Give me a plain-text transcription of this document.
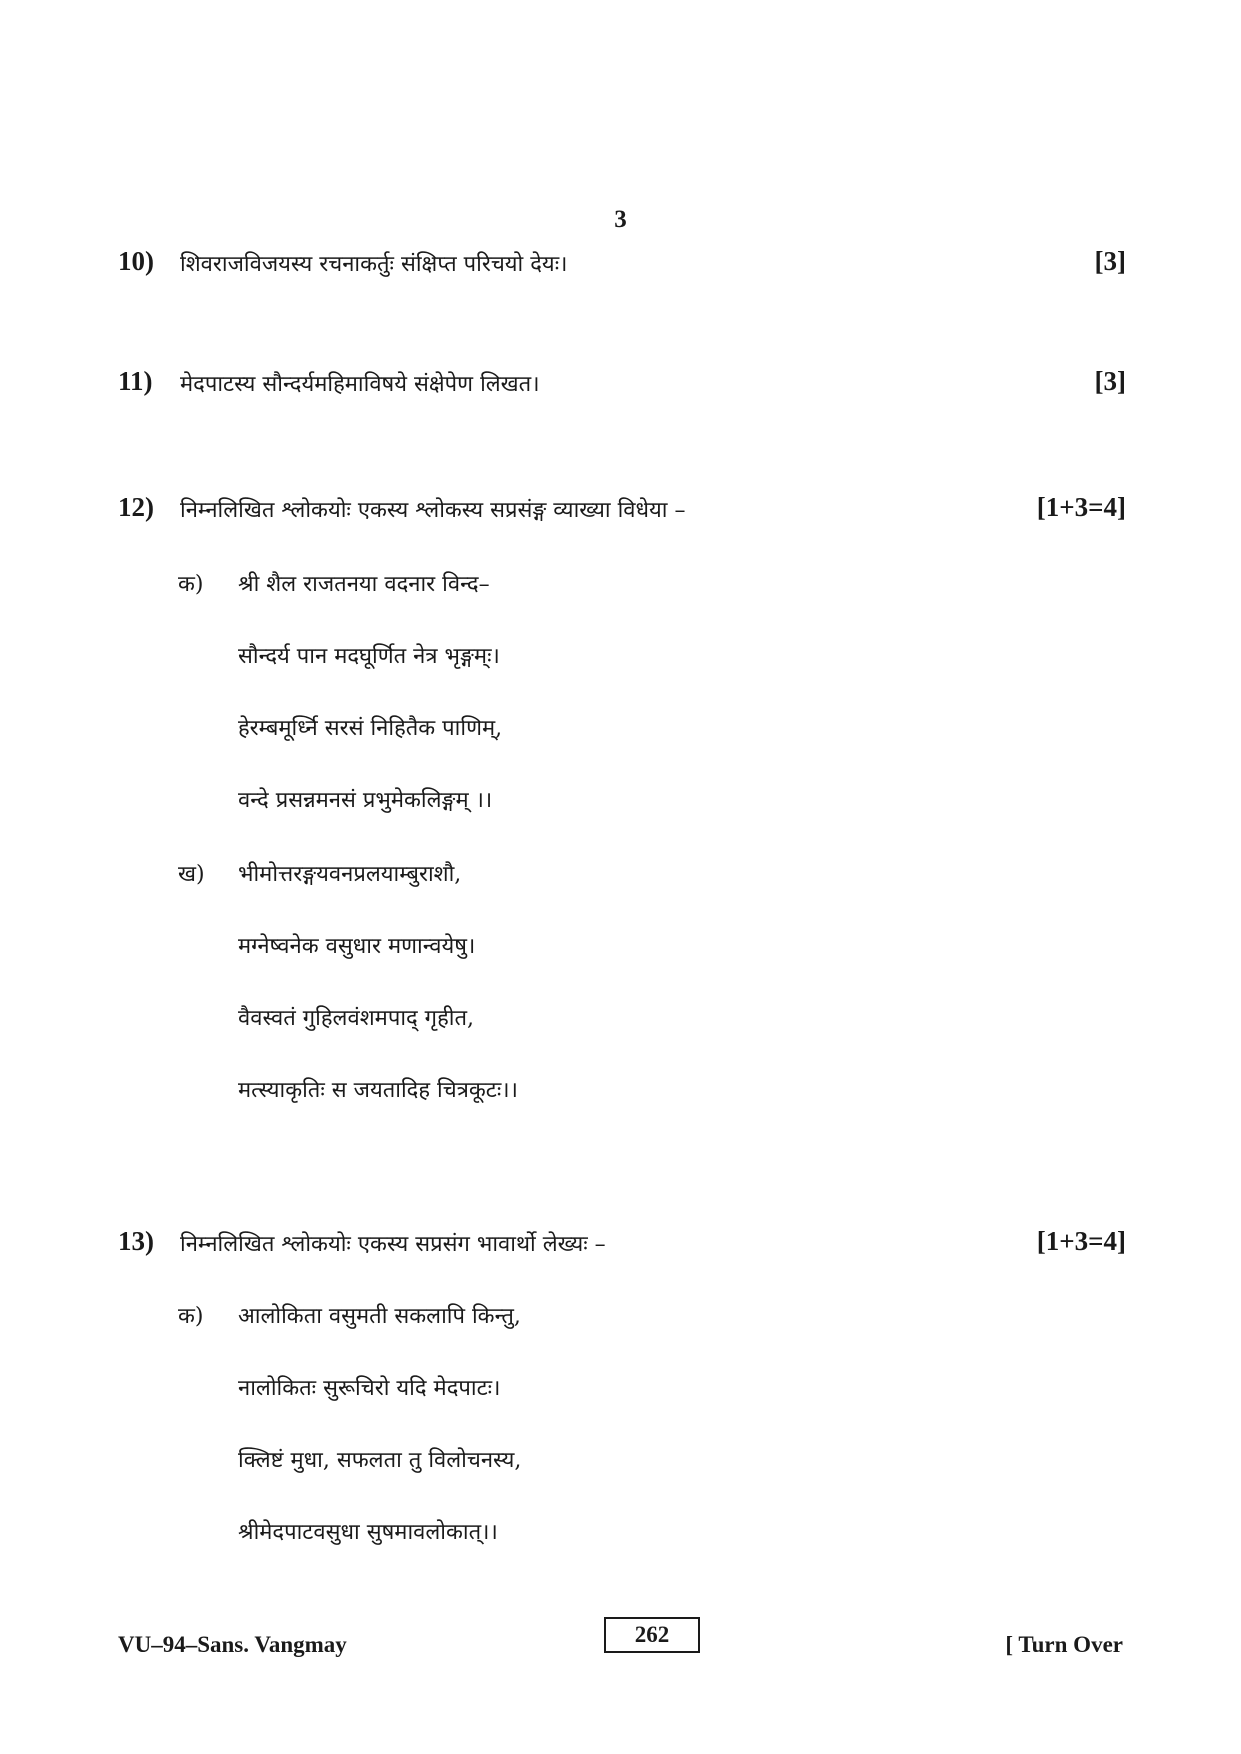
3
10) शिवराजविजयस्य रचनाकर्तुः संक्षिप्त परिचयो देयः।	[3]
11) मेदपाटस्य सौन्दर्यमहिमाविषये संक्षेपेण लिखत।	[3]
12) निम्नलिखित श्लोकयोः एकस्य श्लोकस्य सप्रसंङ्ग व्याख्या विधेया –	[1+3=4]
क) श्री शैल राजतनया वदनार विन्द–
सौन्दर्य पान मदघूर्णित नेत्र भृङ्गम्ः।
हेरम्बमूर्ध्नि सरसं निहितैक पाणिम्,
वन्दे प्रसन्नमनसं प्रभुमेकलिङ्गम् ।।
ख) भीमोत्तरङ्गयवनप्रलयाम्बुराशौ,
मग्नेष्वनेक वसुधार मणान्वयेषु।
वैवस्वतं गुहिलवंशमपाद् गृहीत,
मत्स्याकृतिः स जयतादिह चित्रकूटः।।
13) निम्नलिखित श्लोकयोः एकस्य सप्रसंग भावार्थो लेख्यः –	[1+3=4]
क) आलोकिता वसुमती सकलापि किन्तु,
नालोकितः सुरूचिरो यदि मेदपाटः।
क्लिष्टं मुधा, सफलता तु विलोचनस्य,
श्रीमेदपाटवसुधा सुषमावलोकात्।।
VU–94–Sans. Vangmay	262	[ Turn Over
